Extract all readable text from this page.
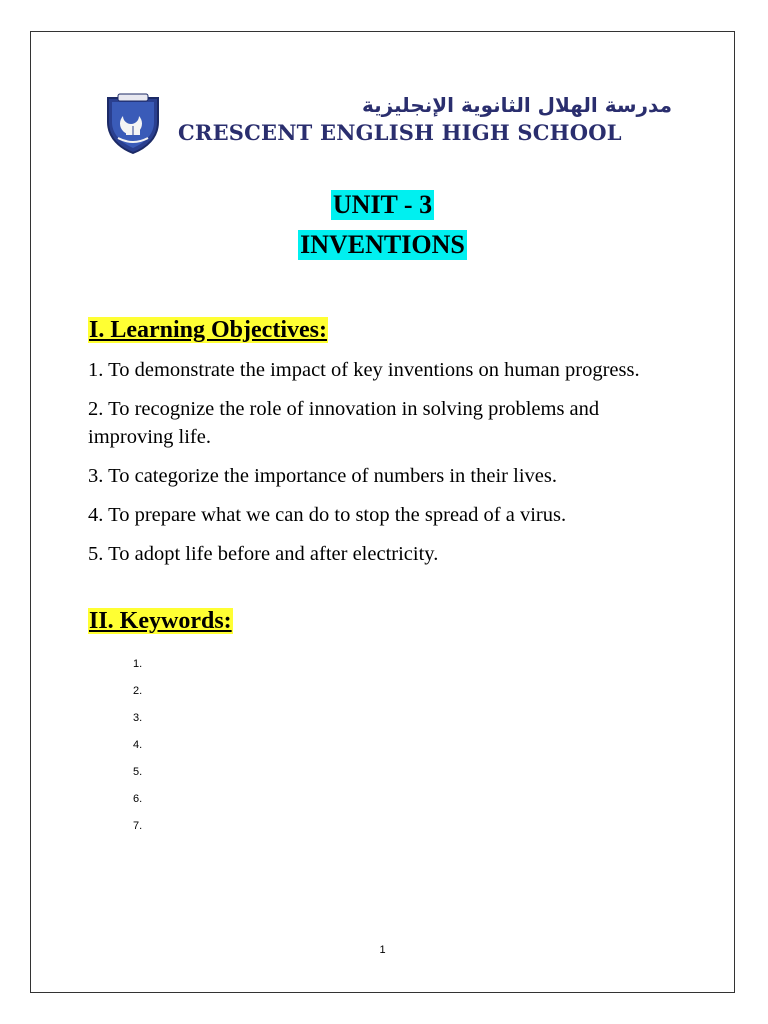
مدرسة الهلال الثانوية الإنجليزية
CRESCENT ENGLISH HIGH SCHOOL
UNIT - 3
INVENTIONS
I. Learning Objectives:
1. To demonstrate the impact of key inventions on human progress.
2. To recognize the role of innovation in solving problems and improving life.
3. To categorize the importance of numbers in their lives.
4. To prepare what we can do to stop the spread of a virus.
5. To adopt life before and after electricity.
II. Keywords:
1.
2.
3.
4.
5.
6.
7.
1
